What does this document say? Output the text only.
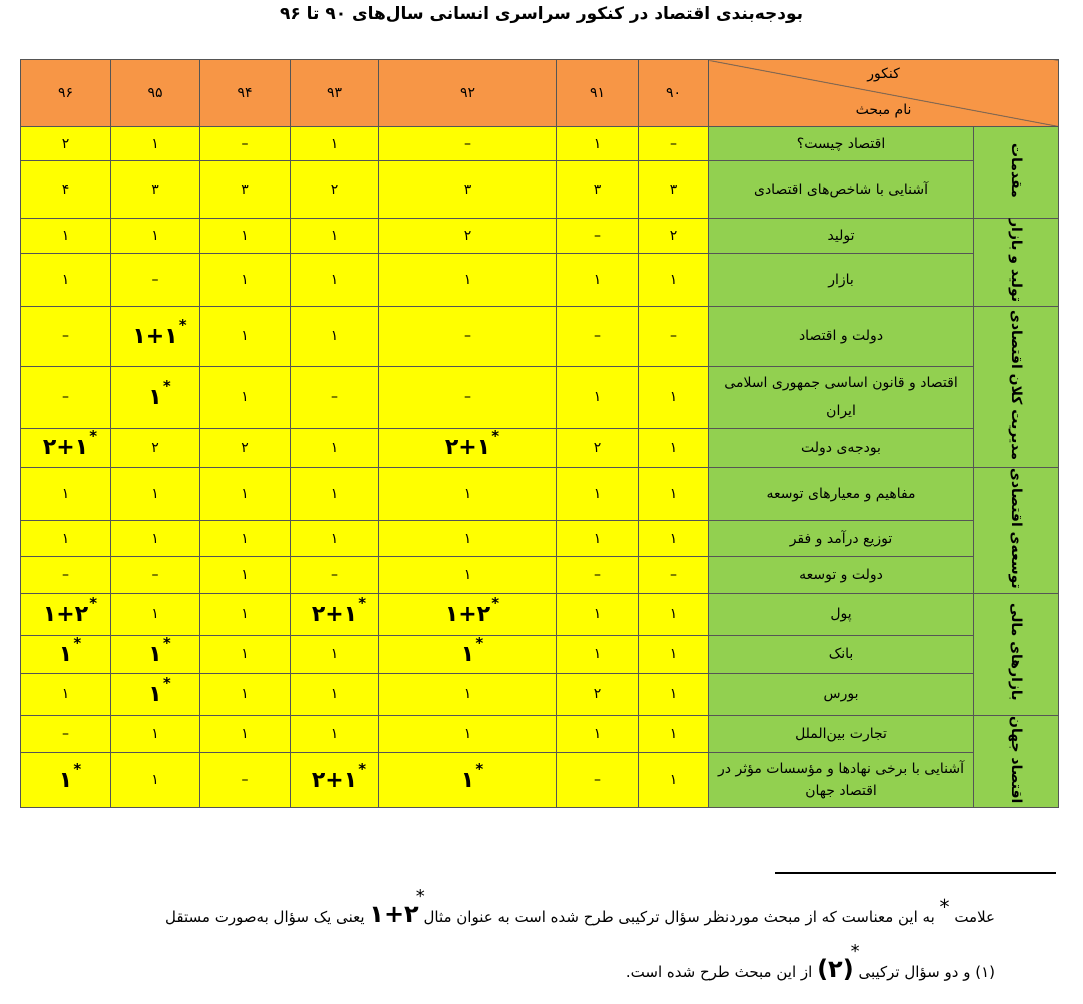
بودجه‌بندی اقتصاد در کنکور سراسری انسانی سال‌های ۹۰ تا ۹۶
کنکور
نام مبحث		۹۰	۹۱	۹۲	۹۳	۹۴	۹۵	۹۶
مقدمات	اقتصاد چیست؟	–	۱	–	۱	–	۱	۲
	آشنایی با شاخص‌های اقتصادی	۳	۳	۳	۲	۳	۳	۴
تولید و بازار	تولید	۲	–	۲	۱	۱	۱	۱
	بازار	۱	۱	۱	۱	۱	–	۱
مدیریت کلان اقتصادی	دولت و اقتصاد	–	–	–	۱	۱	۱+۱ *	–
	اقتصاد و قانون اساسی جمهوری اسلامی ایران	۱	۱	–	–	۱	۱ *	–
	بودجه‌ی دولت	۱	۲	۲+۱ *	۱	۲	۲	۲+۱ *

توسعه‌ی اقتصادی	مفاهیم و معیارهای توسعه	۱	۱	۱	۱	۱	۱	۱
	توزیع درآمد و فقر	۱	۱	۱	۱	۱	۱	۱
	دولت و توسعه	–	–	۱	–	۱	–	–
بازارهای مالی	پول	۱	۱	۱+۲ *	۲+۱ *	۱	۱	۱+۲ *

	بانک	۱	۱	۱ *	۱	۱	۱ *	۱ *

	بورس	۱	۲	۱	۱	۱	۱ *	۱
اقتصاد جهان	تجارت بین‌الملل	۱	۱	۱	۱	۱	۱	–
	آشنایی با برخی نهادها و مؤسسات مؤثر در اقتصاد جهان	۱	–	۱ *	۲+۱ *	–	۱	۱ *
علامت * به این معناست که از مبحث موردنظر سؤال ترکیبی طرح شده است به عنوان مثال ۲+۱
*
یعنی یک سؤال به‌صورت مستقل
(۱) و دو سؤال ترکیبی (۲
*
) از این مبحث طرح شده است.
